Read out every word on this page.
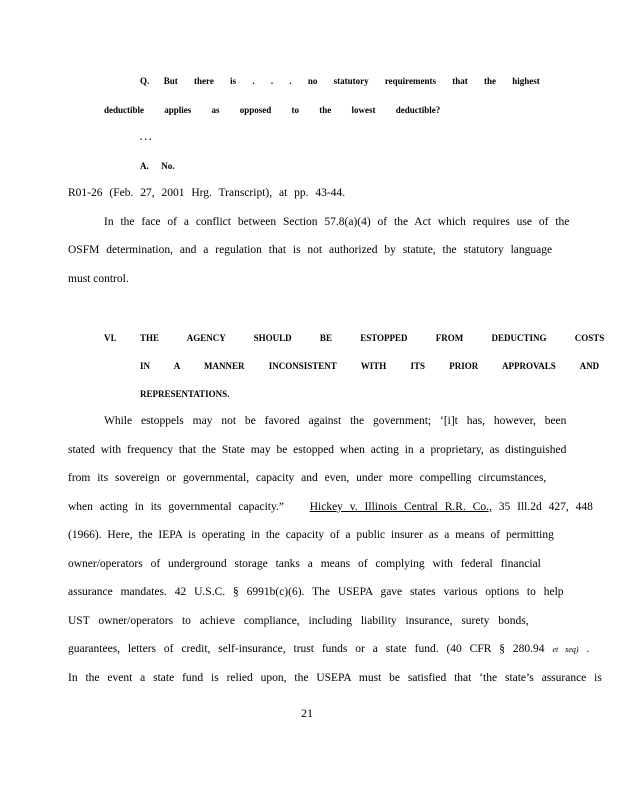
Q. But there is . . . no statutory requirements that the highest
deductible applies as opposed to the lowest deductible?
. . .
A. No.
R01-26 (Feb. 27, 2001 Hrg. Transcript), at pp. 43-44.
In the face of a conflict between Section 57.8(a)(4) of the Act which requires use of the
OSFM determination, and a regulation that is not authorized by statute, the statutory language
must control.
VI.	THE AGENCY SHOULD BE ESTOPPED FROM DEDUCTING COSTS
IN A MANNER INCONSISTENT WITH ITS PRIOR APPROVALS AND
REPRESENTATIONS.
While estoppels may not be favored against the government; ‘[i]t has, however, been
stated with frequency that the State may be estopped when acting in a proprietary, as distinguished
from its sovereign or governmental, capacity and even, under more compelling circumstances,
when acting in its governmental capacity.” Hickey v. Illinois Central R.R. Co., 35 Ill.2d 427, 448
(1966). Here, the IEPA is operating in the capacity of a public insurer as a means of permitting
owner/operators of underground storage tanks a means of complying with federal financial
assurance mandates. 42 U.S.C. § 6991b(c)(6). The USEPA gave states various options to help
UST owner/operators to achieve compliance, including liability insurance, surety bonds,
guarantees, letters of credit, self-insurance, trust funds or a state fund. (40 CFR § 280.94 et seq) .
In the event a state fund is relied upon, the USEPA must be satisfied that ‘the state’s assurance is
21
